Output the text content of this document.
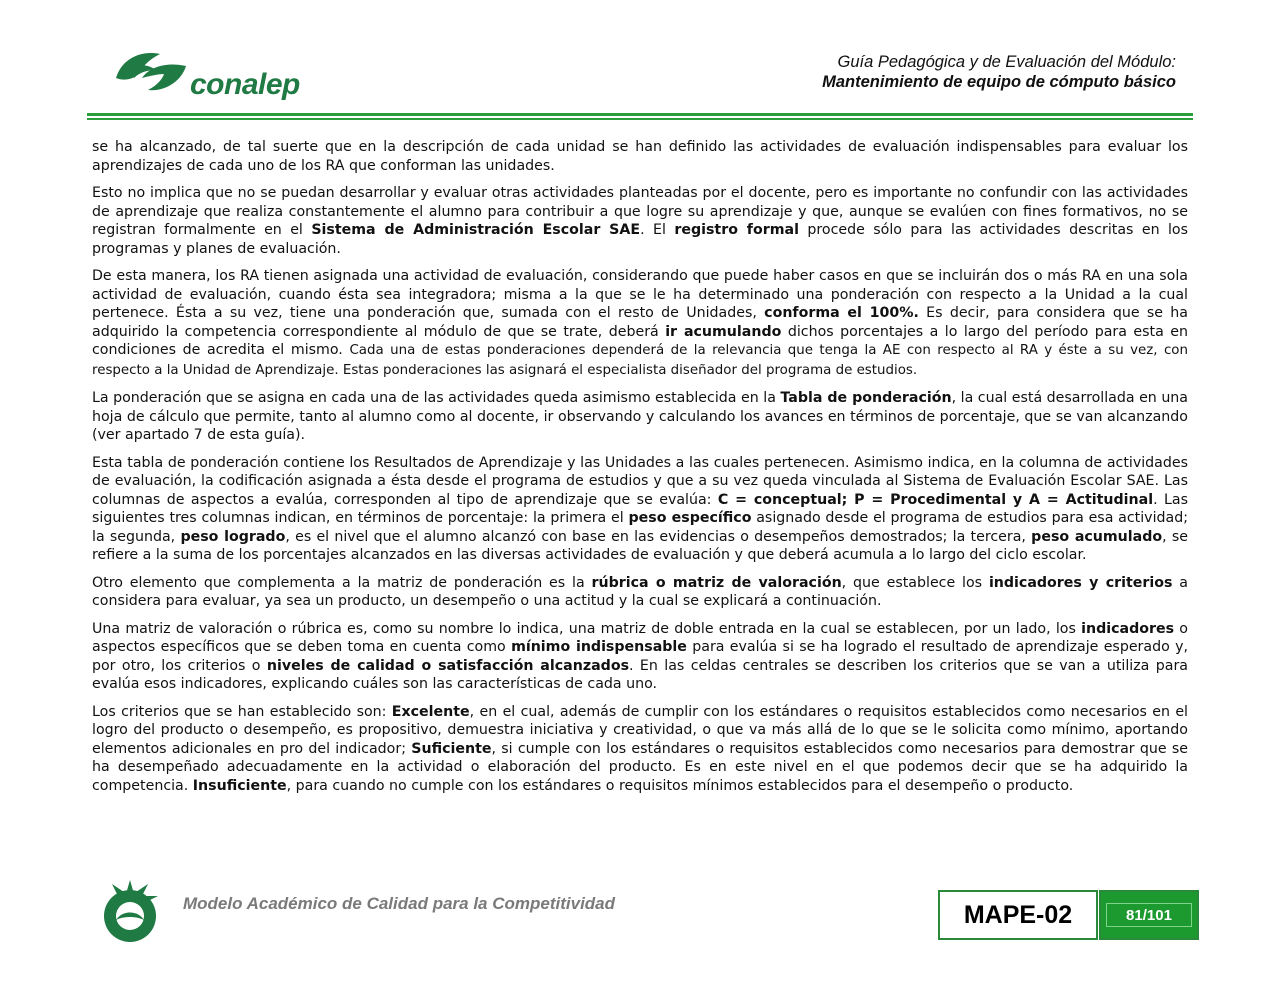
conalep
Guía Pedagógica y de Evaluación del Módulo:
Mantenimiento de equipo de cómputo básico

se ha alcanzado, de tal suerte que en la descripción de cada unidad se han definido las actividades de evaluación indispensables para evaluar los aprendizajes de cada uno de los RA que conforman las unidades.

Esto no implica que no se puedan desarrollar y evaluar otras actividades planteadas por el docente, pero es importante no confundir con las actividades de aprendizaje que realiza constantemente el alumno para contribuir a que logre su aprendizaje y que, aunque se evalúen con fines formativos, no se registran formalmente en el Sistema de Administración Escolar SAE. El registro formal procede sólo para las actividades descritas en los programas y planes de evaluación.

De esta manera, los RA tienen asignada una actividad de evaluación, considerando que puede haber casos en que se incluirán dos o más RA en una sola actividad de evaluación, cuando ésta sea integradora; misma a la que se le ha determinado una ponderación con respecto a la Unidad a la cual pertenece. Ésta a su vez, tiene una ponderación que, sumada con el resto de Unidades, conforma el 100%. Es decir, para considera que se ha adquirido la competencia correspondiente al módulo de que se trate, deberá ir acumulando dichos porcentajes a lo largo del período para esta en condiciones de acredita el mismo. Cada una de estas ponderaciones dependerá de la relevancia que tenga la AE con respecto al RA y éste a su vez, con respecto a la Unidad de Aprendizaje. Estas ponderaciones las asignará el especialista diseñador del programa de estudios.

La ponderación que se asigna en cada una de las actividades queda asimismo establecida en la Tabla de ponderación, la cual está desarrollada en una hoja de cálculo que permite, tanto al alumno como al docente, ir observando y calculando los avances en términos de porcentaje, que se van alcanzando (ver apartado 7 de esta guía).

Esta tabla de ponderación contiene los Resultados de Aprendizaje y las Unidades a las cuales pertenecen. Asimismo indica, en la columna de actividades de evaluación, la codificación asignada a ésta desde el programa de estudios y que a su vez queda vinculada al Sistema de Evaluación Escolar SAE. Las columnas de aspectos a evalúa, corresponden al tipo de aprendizaje que se evalúa: C = conceptual; P = Procedimental y A = Actitudinal. Las siguientes tres columnas indican, en términos de porcentaje: la primera el peso específico asignado desde el programa de estudios para esa actividad; la segunda, peso logrado, es el nivel que el alumno alcanzó con base en las evidencias o desempeños demostrados; la tercera, peso acumulado, se refiere a la suma de los porcentajes alcanzados en las diversas actividades de evaluación y que deberá acumula a lo largo del ciclo escolar.

Otro elemento que complementa a la matriz de ponderación es la rúbrica o matriz de valoración, que establece los indicadores y criterios a considera para evaluar, ya sea un producto, un desempeño o una actitud y la cual se explicará a continuación.

Una matriz de valoración o rúbrica es, como su nombre lo indica, una matriz de doble entrada en la cual se establecen, por un lado, los indicadores o aspectos específicos que se deben toma en cuenta como mínimo indispensable para evalúa si se ha logrado el resultado de aprendizaje esperado y, por otro, los criterios o niveles de calidad o satisfacción alcanzados. En las celdas centrales se describen los criterios que se van a utiliza para evalúa esos indicadores, explicando cuáles son las características de cada uno.

Los criterios que se han establecido son: Excelente, en el cual, además de cumplir con los estándares o requisitos establecidos como necesarios en el logro del producto o desempeño, es propositivo, demuestra iniciativa y creatividad, o que va más allá de lo que se le solicita como mínimo, aportando elementos adicionales en pro del indicador; Suficiente, si cumple con los estándares o requisitos establecidos como necesarios para demostrar que se ha desempeñado adecuadamente en la actividad o elaboración del producto. Es en este nivel en el que podemos decir que se ha adquirido la competencia. Insuficiente, para cuando no cumple con los estándares o requisitos mínimos establecidos para el desempeño o producto.

Modelo Académico de Calidad para la Competitividad	MAPE-02	81/101
